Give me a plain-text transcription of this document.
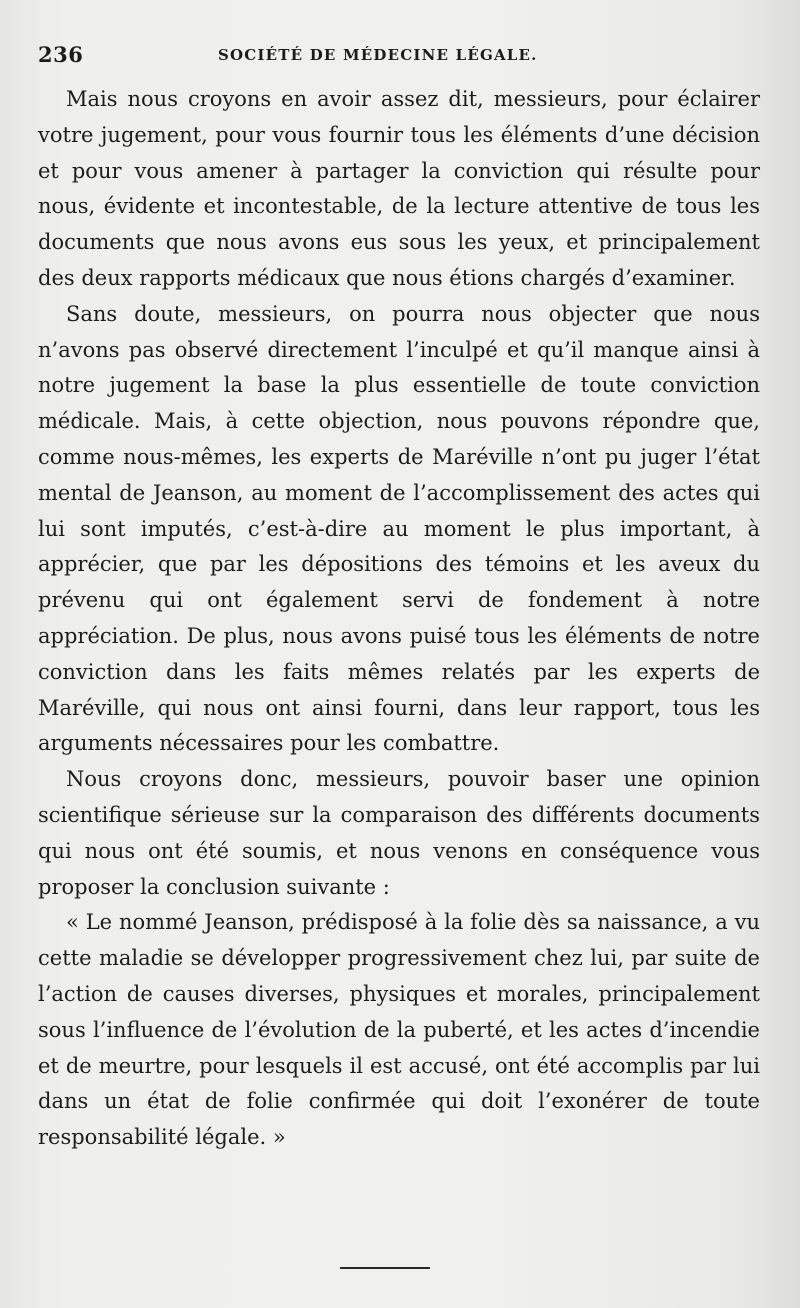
236	SOCIÉTÉ DE MÉDECINE LÉGALE.

Mais nous croyons en avoir assez dit, messieurs, pour éclairer votre jugement, pour vous fournir tous les éléments d’une décision et pour vous amener à partager la conviction qui résulte pour nous, évidente et incontestable, de la lecture attentive de tous les documents que nous avons eus sous les yeux, et principalement des deux rapports médicaux que nous étions chargés d’examiner.

Sans doute, messieurs, on pourra nous objecter que nous n’avons pas observé directement l’inculpé et qu’il manque ainsi à notre jugement la base la plus essentielle de toute conviction médicale. Mais, à cette objection, nous pouvons répondre que, comme nous-mêmes, les experts de Maréville n’ont pu juger l’état mental de Jeanson, au moment de l’accomplissement des actes qui lui sont imputés, c’est-à-dire au moment le plus important, à apprécier, que par les dépositions des témoins et les aveux du prévenu qui ont également servi de fondement à notre appréciation. De plus, nous avons puisé tous les éléments de notre conviction dans les faits mêmes relatés par les experts de Maréville, qui nous ont ainsi fourni, dans leur rapport, tous les arguments nécessaires pour les combattre.

Nous croyons donc, messieurs, pouvoir baser une opinion scientifique sérieuse sur la comparaison des différents documents qui nous ont été soumis, et nous venons en conséquence vous proposer la conclusion suivante :

« Le nommé Jeanson, prédisposé à la folie dès sa naissance, a vu cette maladie se développer progressivement chez lui, par suite de l’action de causes diverses, physiques et morales, principalement sous l’influence de l’évolution de la puberté, et les actes d’incendie et de meurtre, pour lesquels il est accusé, ont été accomplis par lui dans un état de folie confirmée qui doit l’exonérer de toute responsabilité légale. »
